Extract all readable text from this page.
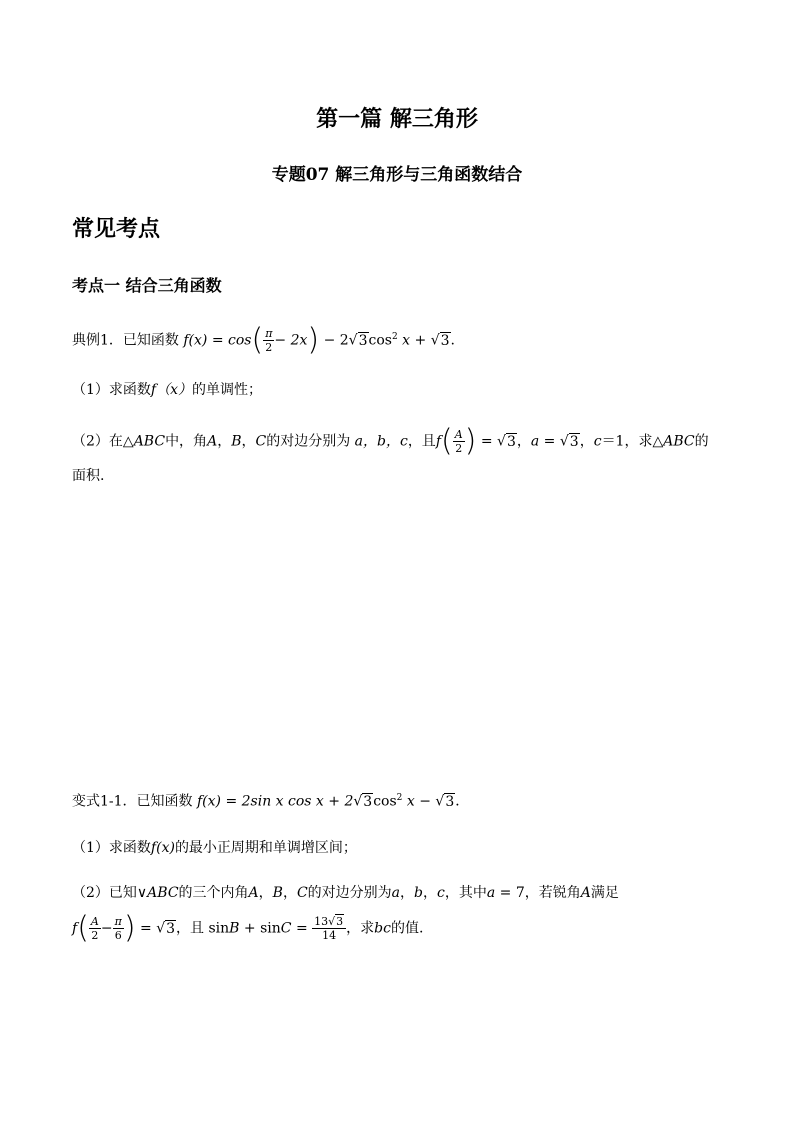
第一篇 解三角形
专题07 解三角形与三角函数结合
常见考点
考点一 结合三角函数
典例1．已知函数 $f(x) = \cos( \frac{\pi}{2} - 2x) - 2√3\cos^2$ x + √3.
（1）求函数f（x）的单调性；
（2）在△ABC中，角A，B，C的对边分别为 a，b，c，且$f( \frac{A}{2}$ ) = √3，a = √3，c＝1，求△ABC的
面积.
变式1-1．已知函数 f(x) = 2sin x $\cos x + 2√3\cos^2$ x − √3．
（1）求函数f(x)的最小正周期和单调增区间；
（2）已知∨ABC的三个内角A，B，C的对边分别为a，b，c，其中a = 7，若锐角A满足
$f( \frac{A}{2} - \frac{\pi}{6}$ ) = √3，且 $\sin B + \sin C = \frac{13√3}{14}$ ，求bc的值.
